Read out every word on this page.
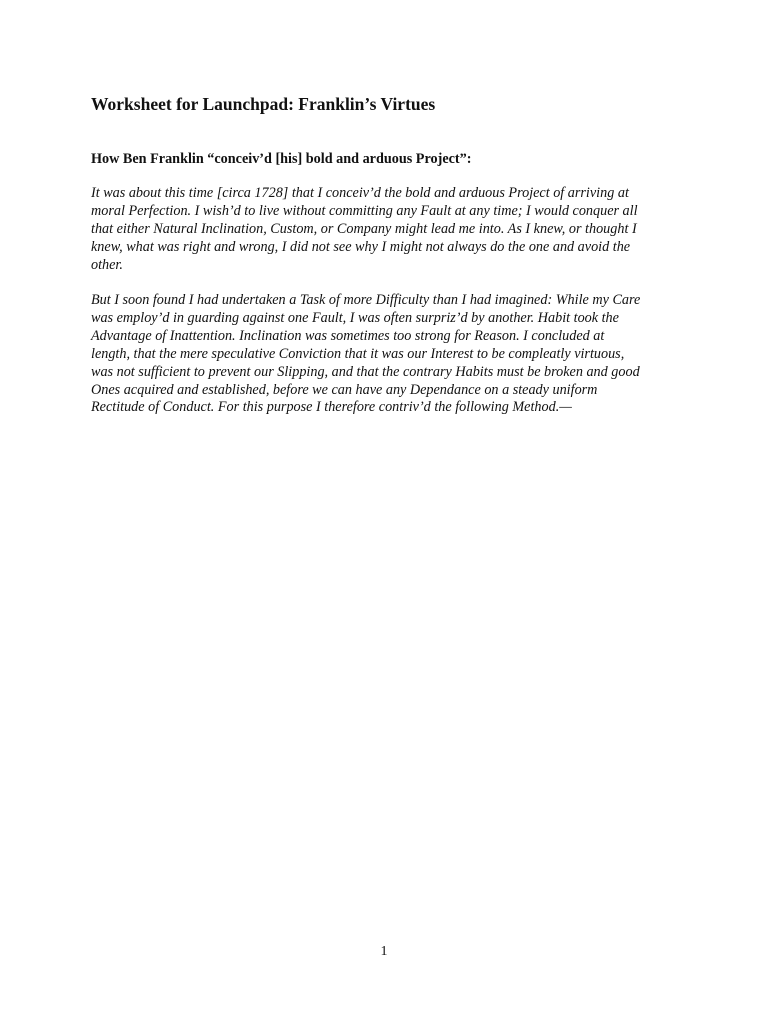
Worksheet for Launchpad: Franklin’s Virtues
How Ben Franklin “conceiv’d [his] bold and arduous Project”:

It was about this time [circa 1728] that I conceiv’d the bold and arduous Project of arriving at
moral Perfection. I wish’d to live without committing any Fault at any time; I would conquer all
that either Natural Inclination, Custom, or Company might lead me into. As I knew, or thought I
knew, what was right and wrong, I did not see why I might not always do the one and avoid the
other.

But I soon found I had undertaken a Task of more Difficulty than I had imagined: While my Care
was employ’d in guarding against one Fault, I was often surpriz’d by another. Habit took the
Advantage of Inattention. Inclination was sometimes too strong for Reason. I concluded at
length, that the mere speculative Conviction that it was our Interest to be compleatly virtuous,
was not sufficient to prevent our Slipping, and that the contrary Habits must be broken and good
Ones acquired and established, before we can have any Dependance on a steady uniform
Rectitude of Conduct. For this purpose I therefore contriv’d the following Method.—

1
